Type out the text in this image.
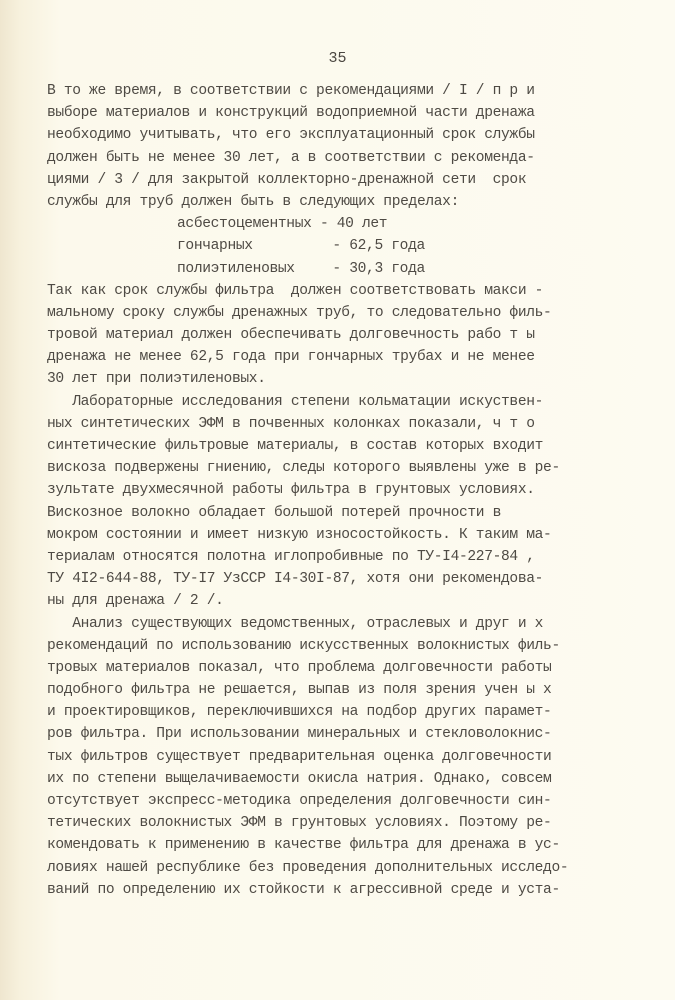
35
В то же время, в соответствии с рекомендациями / I / п р и
выборе материалов и конструкций водоприемной части дренажа
необходимо учитывать, что его эксплуатационный срок службы
должен быть не менее 30 лет, а в соответствии с рекоменда-
циями / 3 / для закрытой коллекторно-дренажной сети  срок
службы для труб должен быть в следующих пределах:
асбестоцементных - 40 лет
гончарных	- 62,5 года
полиэтиленовых	- 30,3 года
Так как срок службы фильтра  должен соответствовать макси -
мальному сроку службы дренажных труб, то следовательно филь-
тровой материал должен обеспечивать долговечность рабо т ы
дренажа не менее 62,5 года при гончарных трубах и не менее
30 лет при полиэтиленовых.
Лабораторные исследования степени кольматации искуствен-
ных синтетических ЭФМ в почвенных колонках показали, ч т о
синтетические фильтровые материалы, в состав которых входит
вискоза подвержены гниению, следы которого выявлены уже в ре-
зультате двухмесячной работы фильтра в грунтовых условиях.
Вискозное волокно обладает большой потерей прочности в
мокром состоянии и имеет низкую износостойкость. К таким ма-
териалам относятся полотна иглопробивные по ТУ-I4-227-84 ,
ТУ 4I2-644-88, ТУ-I7 УзССР I4-30I-87, хотя они рекомендова-
ны для дренажа / 2 /.
Анализ существующих ведомственных, отраслевых и друг и х
рекомендаций по использованию искусственных волокнистых филь-
тровых материалов показал, что проблема долговечности работы
подобного фильтра не решается, выпав из поля зрения учен ы х
и проектировщиков, переключившихся на подбор других парамет-
ров фильтра. При использовании минеральных и стекловолокнис-
тых фильтров существует предварительная оценка долговечности
их по степени выщелачиваемости окисла натрия. Однако, совсем
отсутствует экспресс-методика определения долговечности син-
тетических волокнистых ЭФМ в грунтовых условиях. Поэтому ре-
комендовать к применению в качестве фильтра для дренажа в ус-
ловиях нашей республике без проведения дополнительных исследо-
ваний по определению их стойкости к агрессивной среде и уста-
